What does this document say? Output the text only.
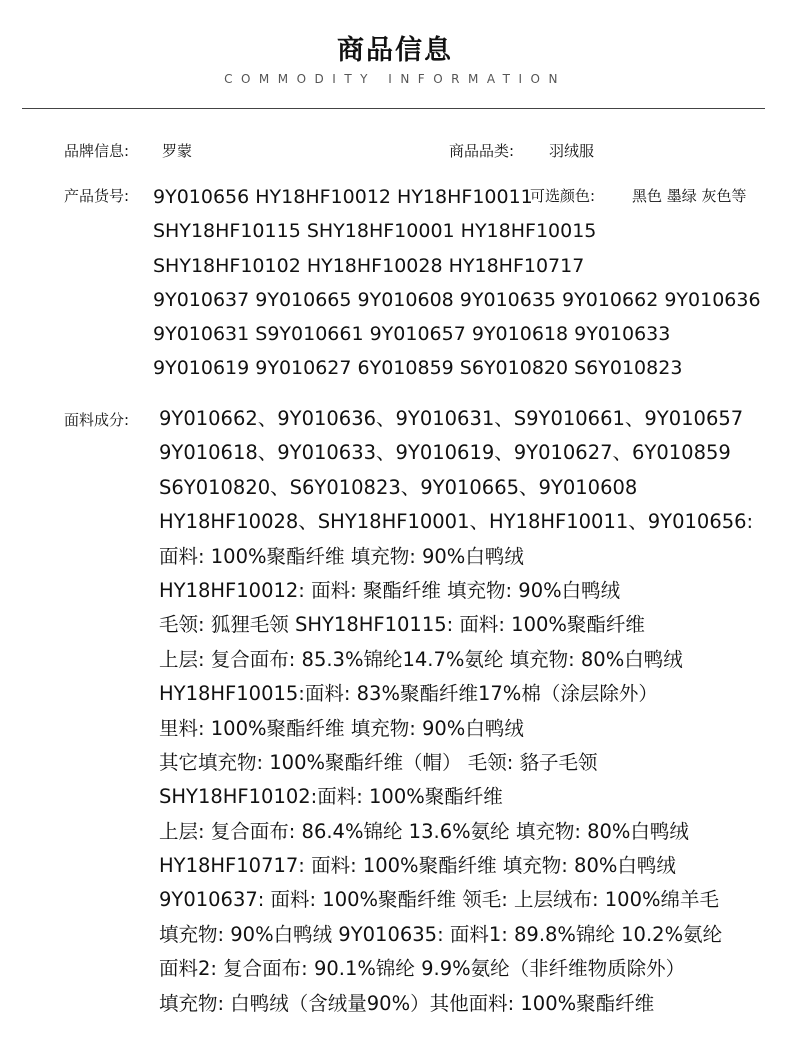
商品信息
COMMODITY INFORMATION
品牌信息: 罗蒙	商品品类: 羽绒服
产品货号: 9Y010656 HY18HF10012 HY18HF10011
SHY18HF10115 SHY18HF10001 HY18HF10015
SHY18HF10102 HY18HF10028 HY18HF10717
9Y010637 9Y010665 9Y010608 9Y010635 9Y010662 9Y010636
9Y010631 S9Y010661 9Y010657 9Y010618 9Y010633
9Y010619 9Y010627 6Y010859 S6Y010820 S6Y010823
可选颜色: 黑色 墨绿 灰色等
面料成分: 9Y010662、9Y010636、9Y010631、S9Y010661、9Y010657
9Y010618、9Y010633、9Y010619、9Y010627、6Y010859
S6Y010820、S6Y010823、9Y010665、9Y010608
HY18HF10028、SHY18HF10001、HY18HF10011、9Y010656:
面料: 100%聚酯纤维 填充物: 90%白鸭绒
HY18HF10012: 面料: 聚酯纤维 填充物: 90%白鸭绒
毛领: 狐狸毛领 SHY18HF10115: 面料: 100%聚酯纤维
上层: 复合面布: 85.3%锦纶14.7%氨纶 填充物: 80%白鸭绒
HY18HF10015:面料: 83%聚酯纤维17%棉（涂层除外）
里料: 100%聚酯纤维 填充物: 90%白鸭绒
其它填充物: 100%聚酯纤维（帽） 毛领: 貉子毛领
SHY18HF10102:面料: 100%聚酯纤维
上层: 复合面布: 86.4%锦纶 13.6%氨纶 填充物: 80%白鸭绒
HY18HF10717: 面料: 100%聚酯纤维 填充物: 80%白鸭绒
9Y010637: 面料: 100%聚酯纤维 领毛: 上层绒布: 100%绵羊毛
填充物: 90%白鸭绒 9Y010635: 面料1: 89.8%锦纶 10.2%氨纶
面料2: 复合面布: 90.1%锦纶 9.9%氨纶（非纤维物质除外）
填充物: 白鸭绒（含绒量90%）其他面料: 100%聚酯纤维
